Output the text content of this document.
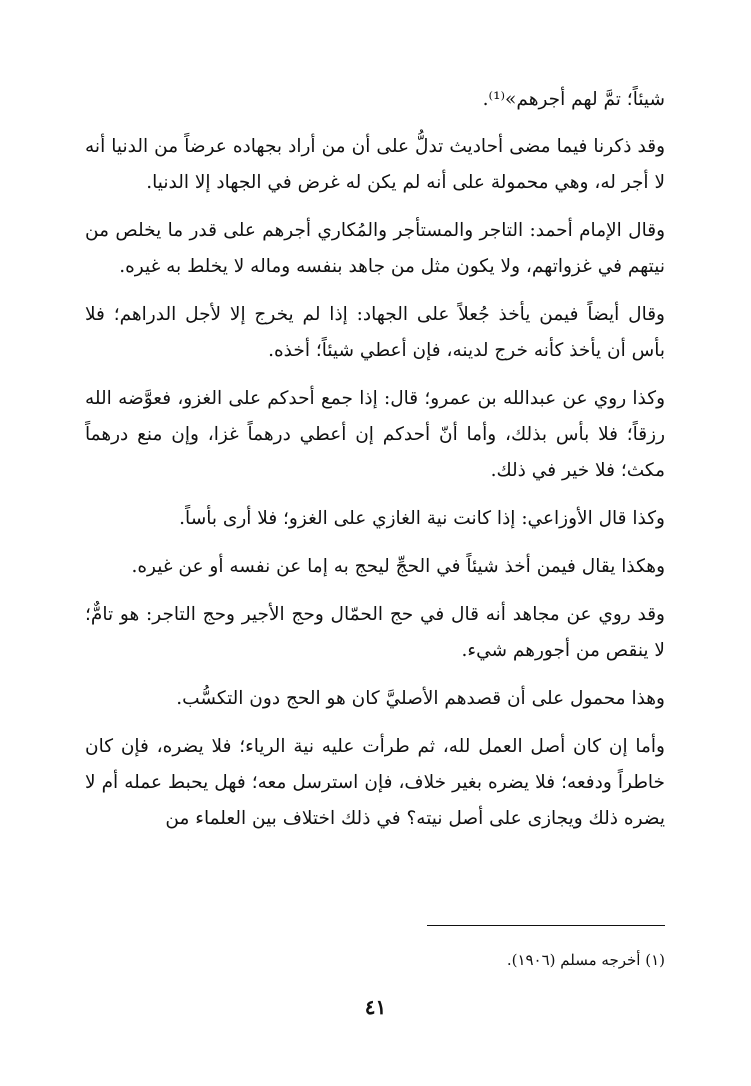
شيئاً؛ تمَّ لهم أجرهم»⁽¹⁾.

وقد ذكرنا فيما مضى أحاديث تدلُّ على أن من أراد بجهاده عرضاً من الدنيا أنه لا أجر له، وهي محمولة على أنه لم يكن له غرض في الجهاد إلا الدنيا.

وقال الإمام أحمد: التاجر والمستأجر والمُكاري أجرهم على قدر ما يخلص من نيتهم في غزواتهم، ولا يكون مثل من جاهد بنفسه وماله لا يخلط به غيره.

وقال أيضاً فيمن يأخذ جُعلاً على الجهاد: إذا لم يخرج إلا لأجل الدراهم؛ فلا بأس أن يأخذ كأنه خرج لدينه، فإن أعطي شيئاً؛ أخذه.

وكذا روي عن عبدالله بن عمرو؛ قال: إذا جمع أحدكم على الغزو، فعوَّضه الله رزقاً؛ فلا بأس بذلك، وأما أنّ أحدكم إن أعطي درهماً غزا، وإن منع درهماً مكث؛ فلا خير في ذلك.

وكذا قال الأوزاعي: إذا كانت نية الغازي على الغزو؛ فلا أرى بأساً.

وهكذا يقال فيمن أخذ شيئاً في الحجِّ ليحج به إما عن نفسه أو عن غيره.

وقد روي عن مجاهد أنه قال في حج الحمّال وحج الأجير وحج التاجر: هو تامٌّ؛ لا ينقص من أجورهم شيء.

وهذا محمول على أن قصدهم الأصليَّ كان هو الحج دون التكسُّب.

وأما إن كان أصل العمل لله، ثم طرأت عليه نية الرياء؛ فلا يضره، فإن كان خاطراً ودفعه؛ فلا يضره بغير خلاف، فإن استرسل معه؛ فهل يحبط عمله أم لا يضره ذلك ويجازى على أصل نيته؟ في ذلك اختلاف بين العلماء من

(١) أخرجه مسلم (١٩٠٦).

٤١
